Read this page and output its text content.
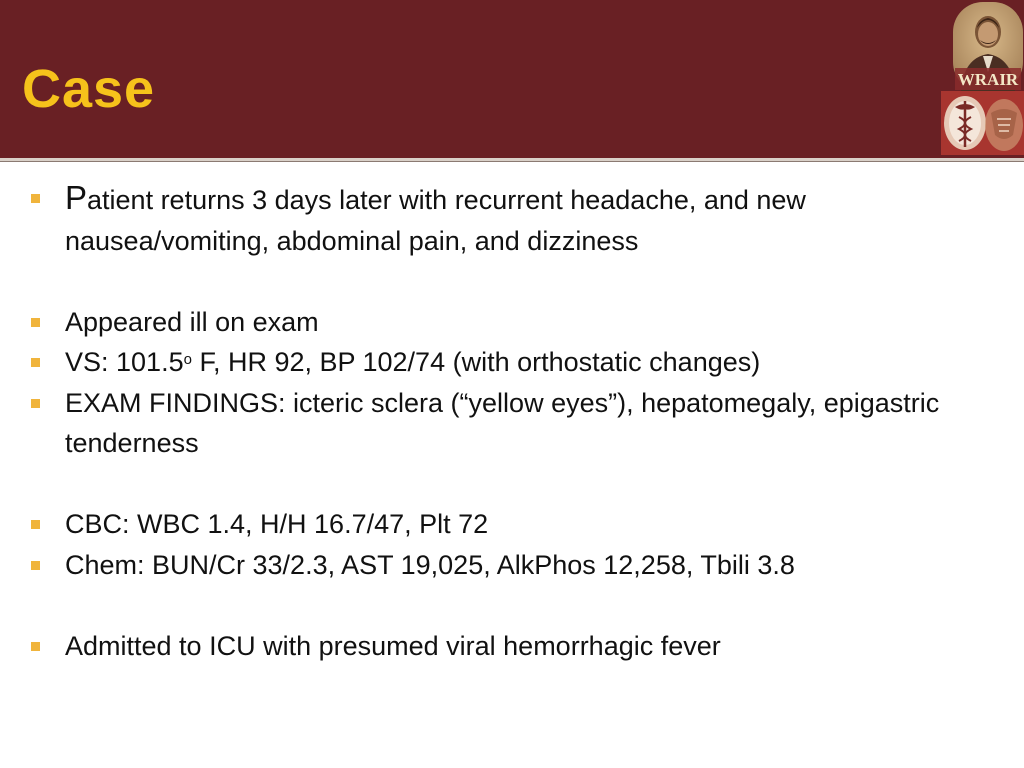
Case	WRAIR
Patient returns 3 days later with recurrent headache, and new nausea/vomiting, abdominal pain, and dizziness
Appeared ill on exam
VS: 101.5$^o$ F, HR 92, BP 102/74 (with orthostatic changes)
EXAM FINDINGS: icteric sclera (“yellow eyes”), hepatomegaly, epigastric tenderness
CBC: WBC 1.4, H/H 16.7/47, Plt 72
Chem: BUN/Cr 33/2.3, AST 19,025, AlkPhos 12,258, Tbili 3.8
Admitted to ICU with presumed viral hemorrhagic fever
